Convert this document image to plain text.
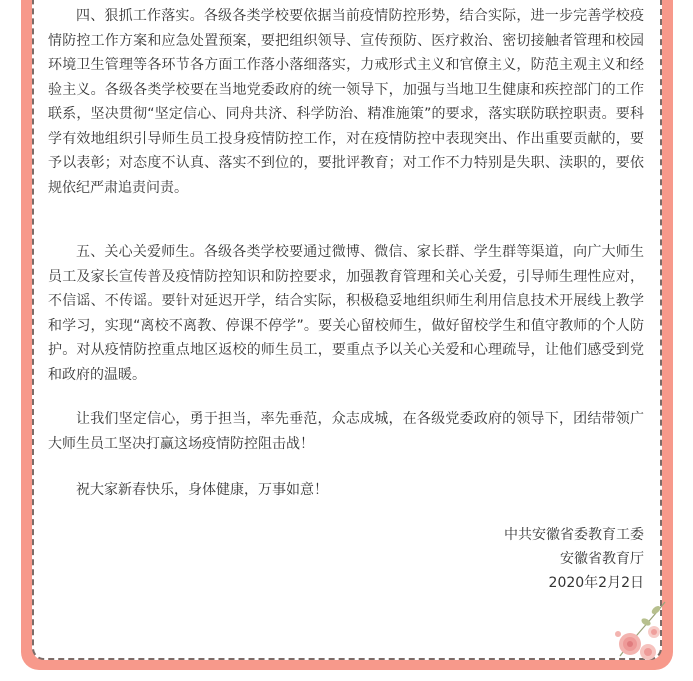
四、狠抓工作落实。各级各类学校要依据当前疫情防控形势，结合实际，进一步完善学校疫情防控工作方案和应急处置预案，要把组织领导、宣传预防、医疗救治、密切接触者管理和校园环境卫生管理等各环节各方面工作落小落细落实，力戒形式主义和官僚主义，防范主观主义和经验主义。各级各类学校要在当地党委政府的统一领导下，加强与当地卫生健康和疾控部门的工作联系，坚决贯彻“坚定信心、同舟共济、科学防治、精准施策”的要求，落实联防联控职责。要科学有效地组织引导师生员工投身疫情防控工作，对在疫情防控中表现突出、作出重要贡献的，要予以表彰；对态度不认真、落实不到位的，要批评教育；对工作不力特别是失职、渎职的，要依规依纪严肃追责问责。

五、关心关爱师生。各级各类学校要通过微博、微信、家长群、学生群等渠道，向广大师生员工及家长宣传普及疫情防控知识和防控要求，加强教育管理和关心关爱，引导师生理性应对，不信谣、不传谣。要针对延迟开学，结合实际，积极稳妥地组织师生利用信息技术开展线上教学和学习，实现“离校不离教、停课不停学”。要关心留校师生，做好留校学生和值守教师的个人防护。对从疫情防控重点地区返校的师生员工，要重点予以关心关爱和心理疏导，让他们感受到党和政府的温暖。

让我们坚定信心，勇于担当，率先垂范，众志成城，在各级党委政府的领导下，团结带领广大师生员工坚决打赢这场疫情防控阻击战！

祝大家新春快乐，身体健康，万事如意！

中共安徽省委教育工委
安徽省教育厅
2020年2月2日
